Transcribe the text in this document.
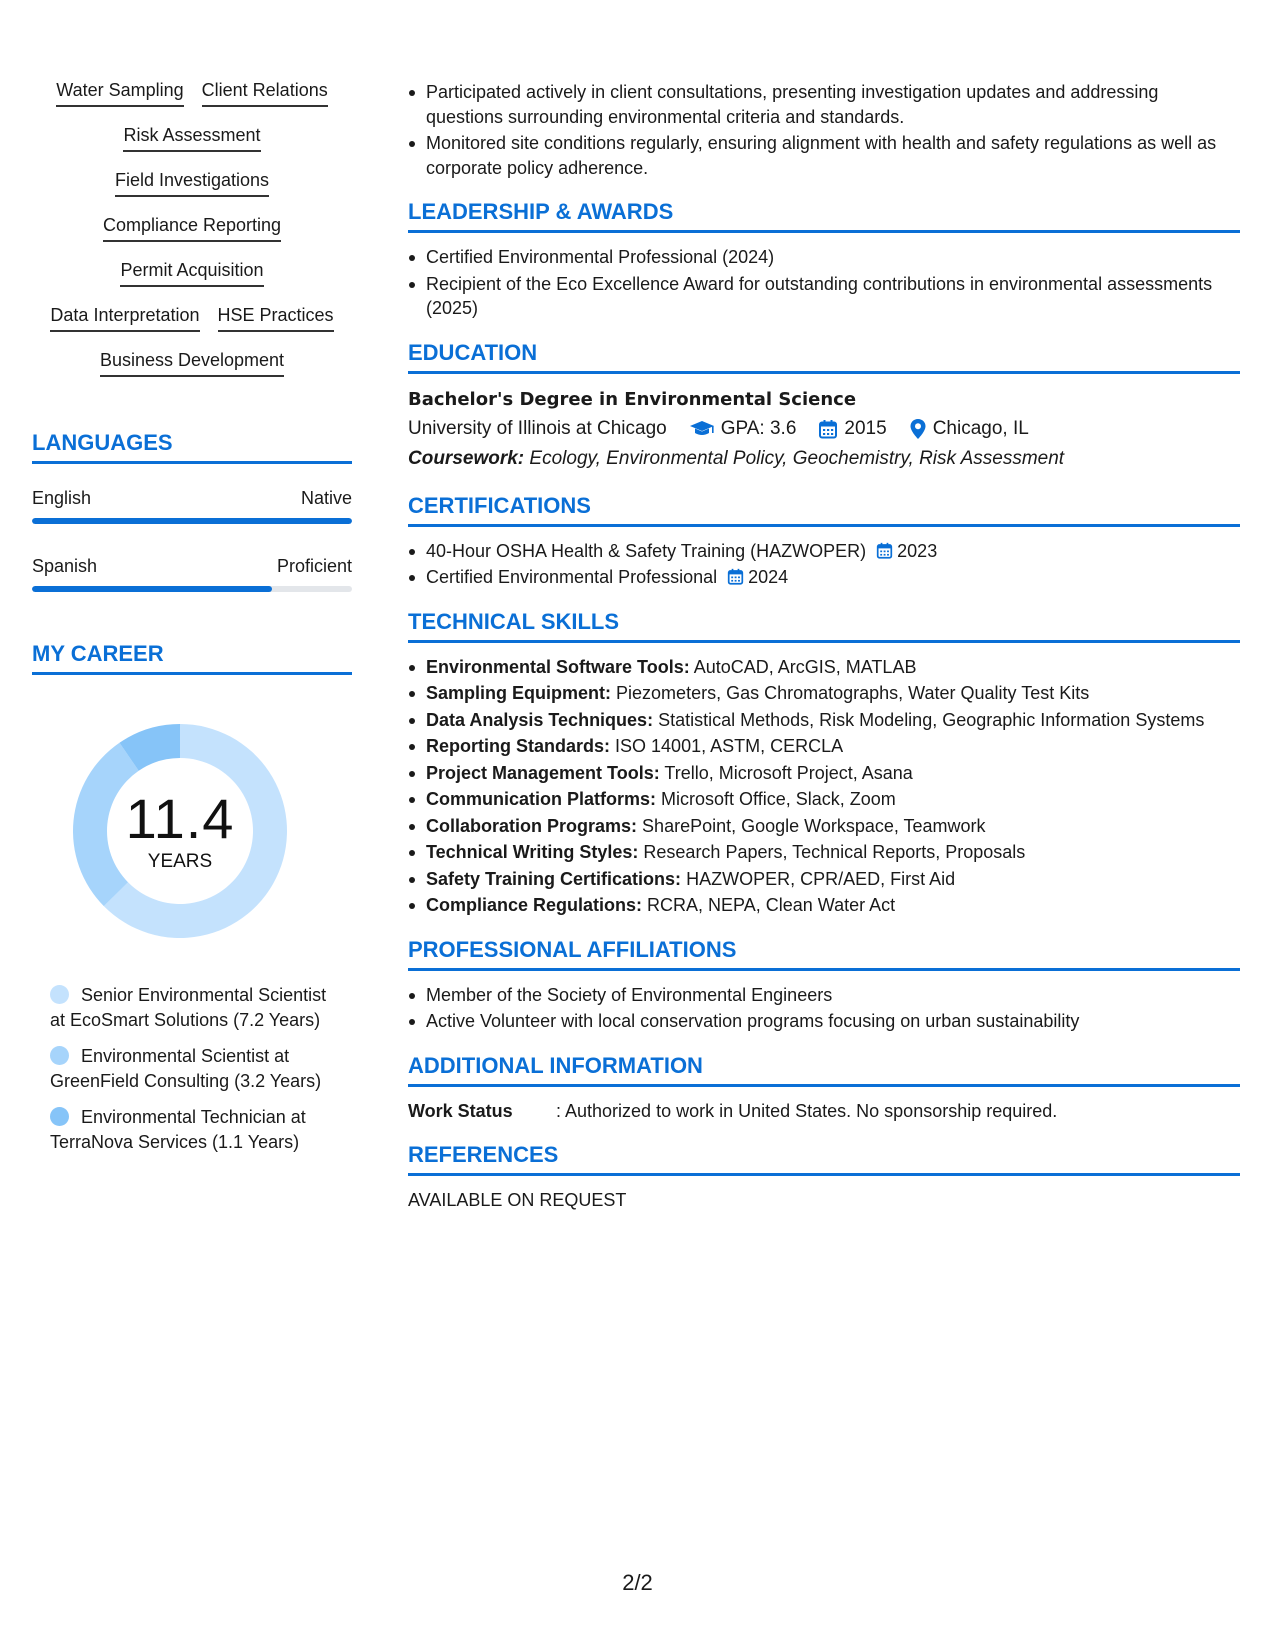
Water Sampling Client Relations
Risk Assessment
Field Investigations
Compliance Reporting
Permit Acquisition
Data Interpretation HSE Practices
Business Development
LANGUAGES
English	Native
Spanish	Proficient
MY CAREER
11.4
YEARS
Senior Environmental Scientist at EcoSmart Solutions (7.2 Years)
Environmental Scientist at GreenField Consulting (3.2 Years)
Environmental Technician at TerraNova Services (1.1 Years)
Participated actively in client consultations, presenting investigation updates and addressing questions surrounding environmental criteria and standards.
Monitored site conditions regularly, ensuring alignment with health and safety regulations as well as corporate policy adherence.
LEADERSHIP & AWARDS
Certified Environmental Professional (2024)
Recipient of the Eco Excellence Award for outstanding contributions in environmental assessments (2025)
EDUCATION
Bachelor's Degree in Environmental Science
University of Illinois at Chicago	GPA: 3.6	2015 Chicago, IL
Coursework: Ecology, Environmental Policy, Geochemistry, Risk Assessment
CERTIFICATIONS
40-Hour OSHA Health & Safety Training (HAZWOPER) 2023
Certified Environmental Professional 2024
TECHNICAL SKILLS
Environmental Software Tools: AutoCAD, ArcGIS, MATLAB
Sampling Equipment: Piezometers, Gas Chromatographs, Water Quality Test Kits
Data Analysis Techniques: Statistical Methods, Risk Modeling, Geographic Information Systems
Reporting Standards: ISO 14001, ASTM, CERCLA
Project Management Tools: Trello, Microsoft Project, Asana
Communication Platforms: Microsoft Office, Slack, Zoom
Collaboration Programs: SharePoint, Google Workspace, Teamwork
Technical Writing Styles: Research Papers, Technical Reports, Proposals
Safety Training Certifications: HAZWOPER, CPR/AED, First Aid
Compliance Regulations: RCRA, NEPA, Clean Water Act
PROFESSIONAL AFFILIATIONS
Member of the Society of Environmental Engineers
Active Volunteer with local conservation programs focusing on urban sustainability
ADDITIONAL INFORMATION
Work Status	: Authorized to work in United States. No sponsorship required.
REFERENCES
AVAILABLE ON REQUEST
2/2
